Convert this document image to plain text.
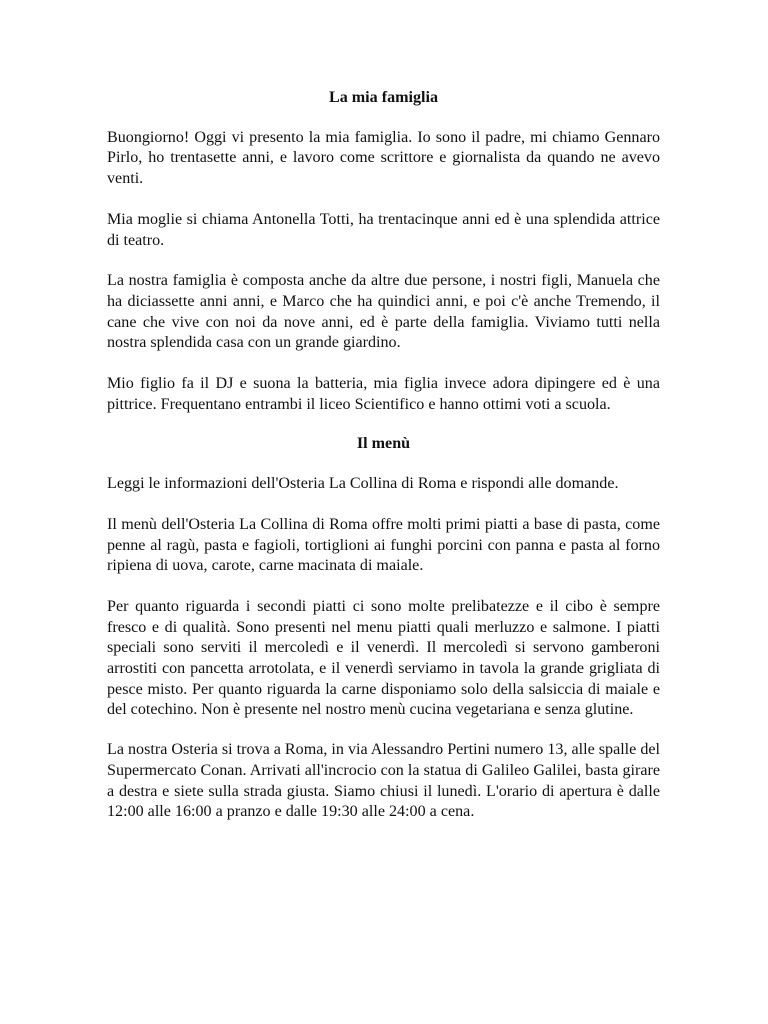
La mia famiglia

Buongiorno! Oggi vi presento la mia famiglia. Io sono il padre, mi chiamo Gennaro Pirlo, ho trentasette anni, e lavoro come scrittore e giornalista da quando ne avevo venti.

Mia moglie si chiama Antonella Totti, ha trentacinque anni ed è una splendida attrice di teatro.

La nostra famiglia è composta anche da altre due persone, i nostri figli, Manuela che ha diciassette anni anni, e Marco che ha quindici anni, e poi c'è anche Tremendo, il cane che vive con noi da nove anni, ed è parte della famiglia. Viviamo tutti nella nostra splendida casa con un grande giardino.

Mio figlio fa il DJ e suona la batteria, mia figlia invece adora dipingere ed è una pittrice. Frequentano entrambi il liceo Scientifico e hanno ottimi voti a scuola.

Il menù

Leggi le informazioni dell'Osteria La Collina di Roma e rispondi alle domande.

Il menù dell'Osteria La Collina di Roma offre molti primi piatti a base di pasta, come penne al ragù, pasta e fagioli, tortiglioni ai funghi porcini con panna e pasta al forno ripiena di uova, carote, carne macinata di maiale.

Per quanto riguarda i secondi piatti ci sono molte prelibatezze e il cibo è sempre fresco e di qualità. Sono presenti nel menu piatti quali merluzzo e salmone. I piatti speciali sono serviti il mercoledì e il venerdì. Il mercoledì si servono gamberoni arrostiti con pancetta arrotolata, e il venerdì serviamo in tavola la grande grigliata di pesce misto. Per quanto riguarda la carne disponiamo solo della salsiccia di maiale e del cotechino. Non è presente nel nostro menù cucina vegetariana e senza glutine.

La nostra Osteria si trova a Roma, in via Alessandro Pertini numero 13, alle spalle del Supermercato Conan. Arrivati all'incrocio con la statua di Galileo Galilei, basta girare a destra e siete sulla strada giusta. Siamo chiusi il lunedì. L'orario di apertura è dalle 12:00 alle 16:00 a pranzo e dalle 19:30 alle 24:00 a cena.
